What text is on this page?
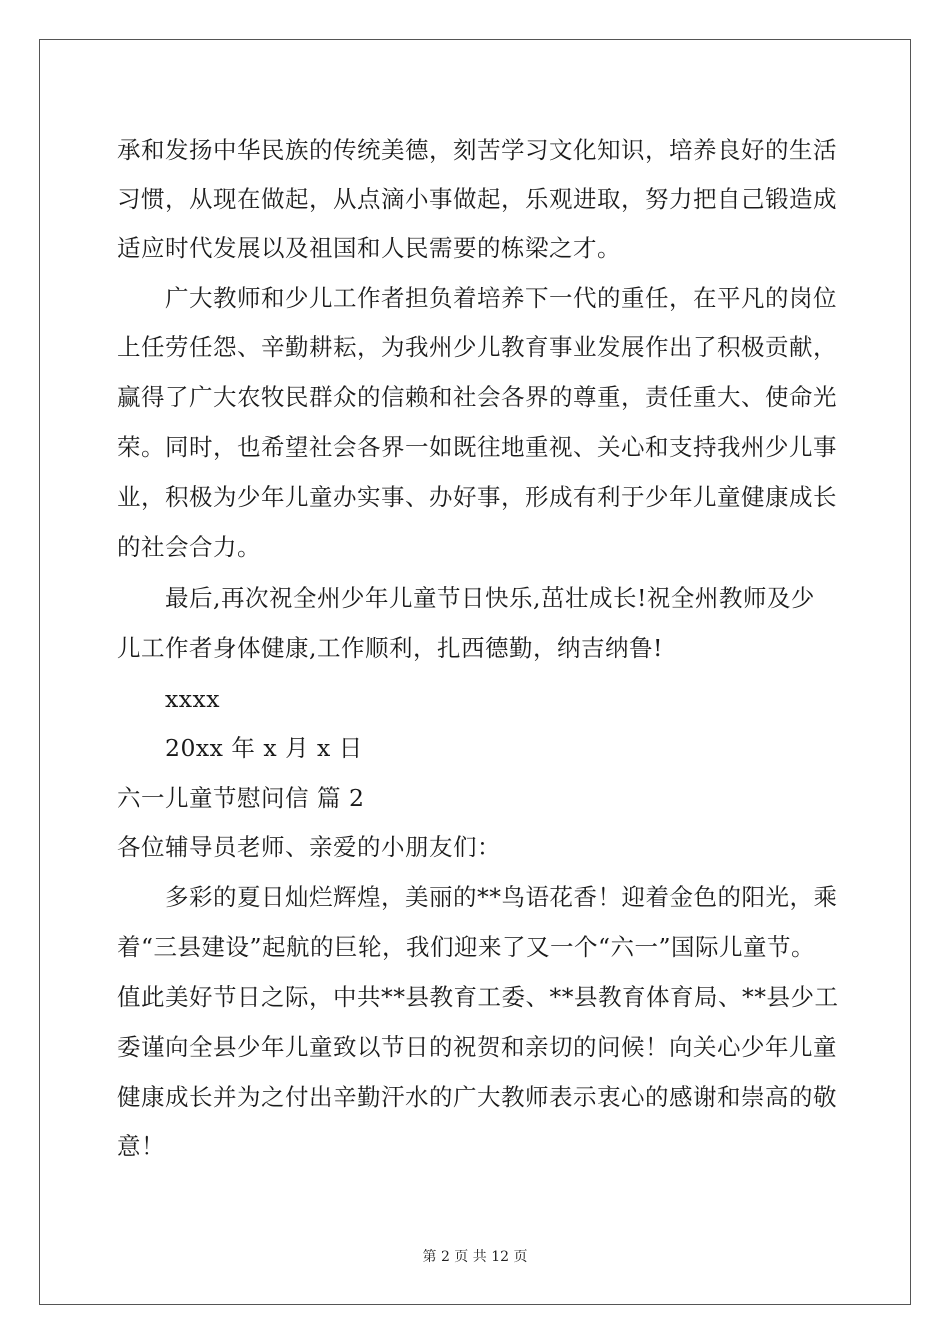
承和发扬中华民族的传统美德，刻苦学习文化知识，培养良好的生活
习惯，从现在做起，从点滴小事做起，乐观进取，努力把自己锻造成
适应时代发展以及祖国和人民需要的栋梁之才。
广大教师和少儿工作者担负着培养下一代的重任，在平凡的岗位
上任劳任怨、辛勤耕耘，为我州少儿教育事业发展作出了积极贡献，
赢得了广大农牧民群众的信赖和社会各界的尊重，责任重大、使命光
荣。同时，也希望社会各界一如既往地重视、关心和支持我州少儿事
业，积极为少年儿童办实事、办好事，形成有利于少年儿童健康成长
的社会合力。
最后,再次祝全州少年儿童节日快乐,茁壮成长!祝全州教师及少
儿工作者身体健康,工作顺利，扎西德勤，纳吉纳鲁!
xxxx
20xx 年 x 月 x 日
六一儿童节慰问信 篇 2
各位辅导员老师、亲爱的小朋友们：
多彩的夏日灿烂辉煌，美丽的**鸟语花香！迎着金色的阳光，乘
着“三县建设”起航的巨轮，我们迎来了又一个“六一”国际儿童节。
值此美好节日之际，中共**县教育工委、**县教育体育局、**县少工
委谨向全县少年儿童致以节日的祝贺和亲切的问候！向关心少年儿童
健康成长并为之付出辛勤汗水的广大教师表示衷心的感谢和崇高的敬
意！
第 2 页 共 12 页
